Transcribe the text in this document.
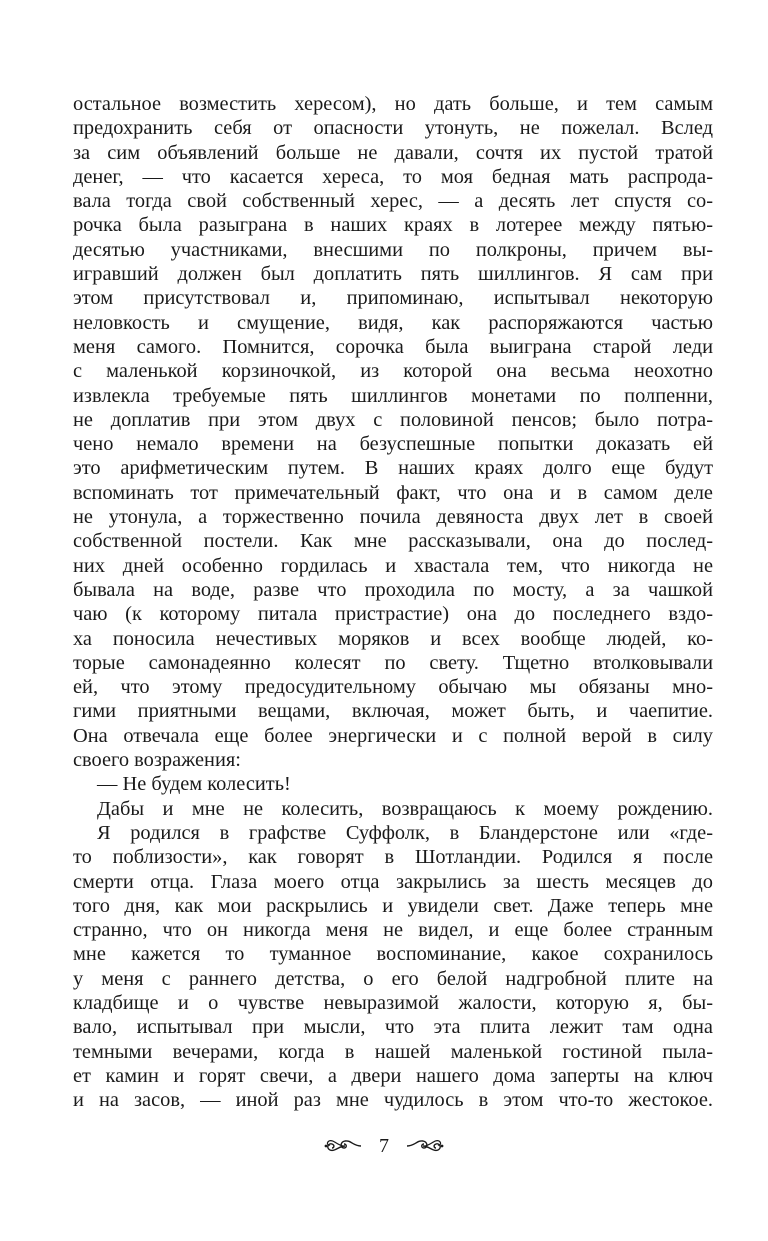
остальное возместить хересом), но дать больше, и тем самым
предохранить себя от опасности утонуть, не пожелал. Вслед
за сим объявлений больше не давали, сочтя их пустой тратой
денег, — что касается хереса, то моя бедная мать распрода-
вала тогда свой собственный херес, — а десять лет спустя со-
рочка была разыграна в наших краях в лотерее между пятью-
десятью участниками, внесшими по полкроны, причем вы-
игравший должен был доплатить пять шиллингов. Я сам при
этом присутствовал и, припоминаю, испытывал некоторую
неловкость и смущение, видя, как распоряжаются частью
меня самого. Помнится, сорочка была выиграна старой леди
с маленькой корзиночкой, из которой она весьма неохотно
извлекла требуемые пять шиллингов монетами по полпенни,
не доплатив при этом двух с половиной пенсов; было потра-
чено немало времени на безуспешные попытки доказать ей
это арифметическим путем. В наших краях долго еще будут
вспоминать тот примечательный факт, что она и в самом деле
не утонула, а торжественно почила девяноста двух лет в своей
собственной постели. Как мне рассказывали, она до послед-
них дней особенно гордилась и хвастала тем, что никогда не
бывала на воде, разве что проходила по мосту, а за чашкой
чаю (к которому питала пристрастие) она до последнего вздо-
ха поносила нечестивых моряков и всех вообще людей, ко-
торые самонадеянно колесят по свету. Тщетно втолковывали
ей, что этому предосудительному обычаю мы обязаны мно-
гими приятными вещами, включая, может быть, и чаепитие.
Она отвечала еще более энергически и с полной верой в силу
своего возражения:
— Не будем колесить!
Дабы и мне не колесить, возвращаюсь к моему рождению.
Я родился в графстве Суффолк, в Бландерстоне или «где-
то поблизости», как говорят в Шотландии. Родился я после
смерти отца. Глаза моего отца закрылись за шесть месяцев до
того дня, как мои раскрылись и увидели свет. Даже теперь мне
странно, что он никогда меня не видел, и еще более странным
мне кажется то туманное воспоминание, какое сохранилось
у меня с раннего детства, о его белой надгробной плите на
кладбище и о чувстве невыразимой жалости, которую я, бы-
вало, испытывал при мысли, что эта плита лежит там одна
темными вечерами, когда в нашей маленькой гостиной пыла-
ет камин и горят свечи, а двери нашего дома заперты на ключ
и на засов, — иной раз мне чудилось в этом что-то жестокое.
7
